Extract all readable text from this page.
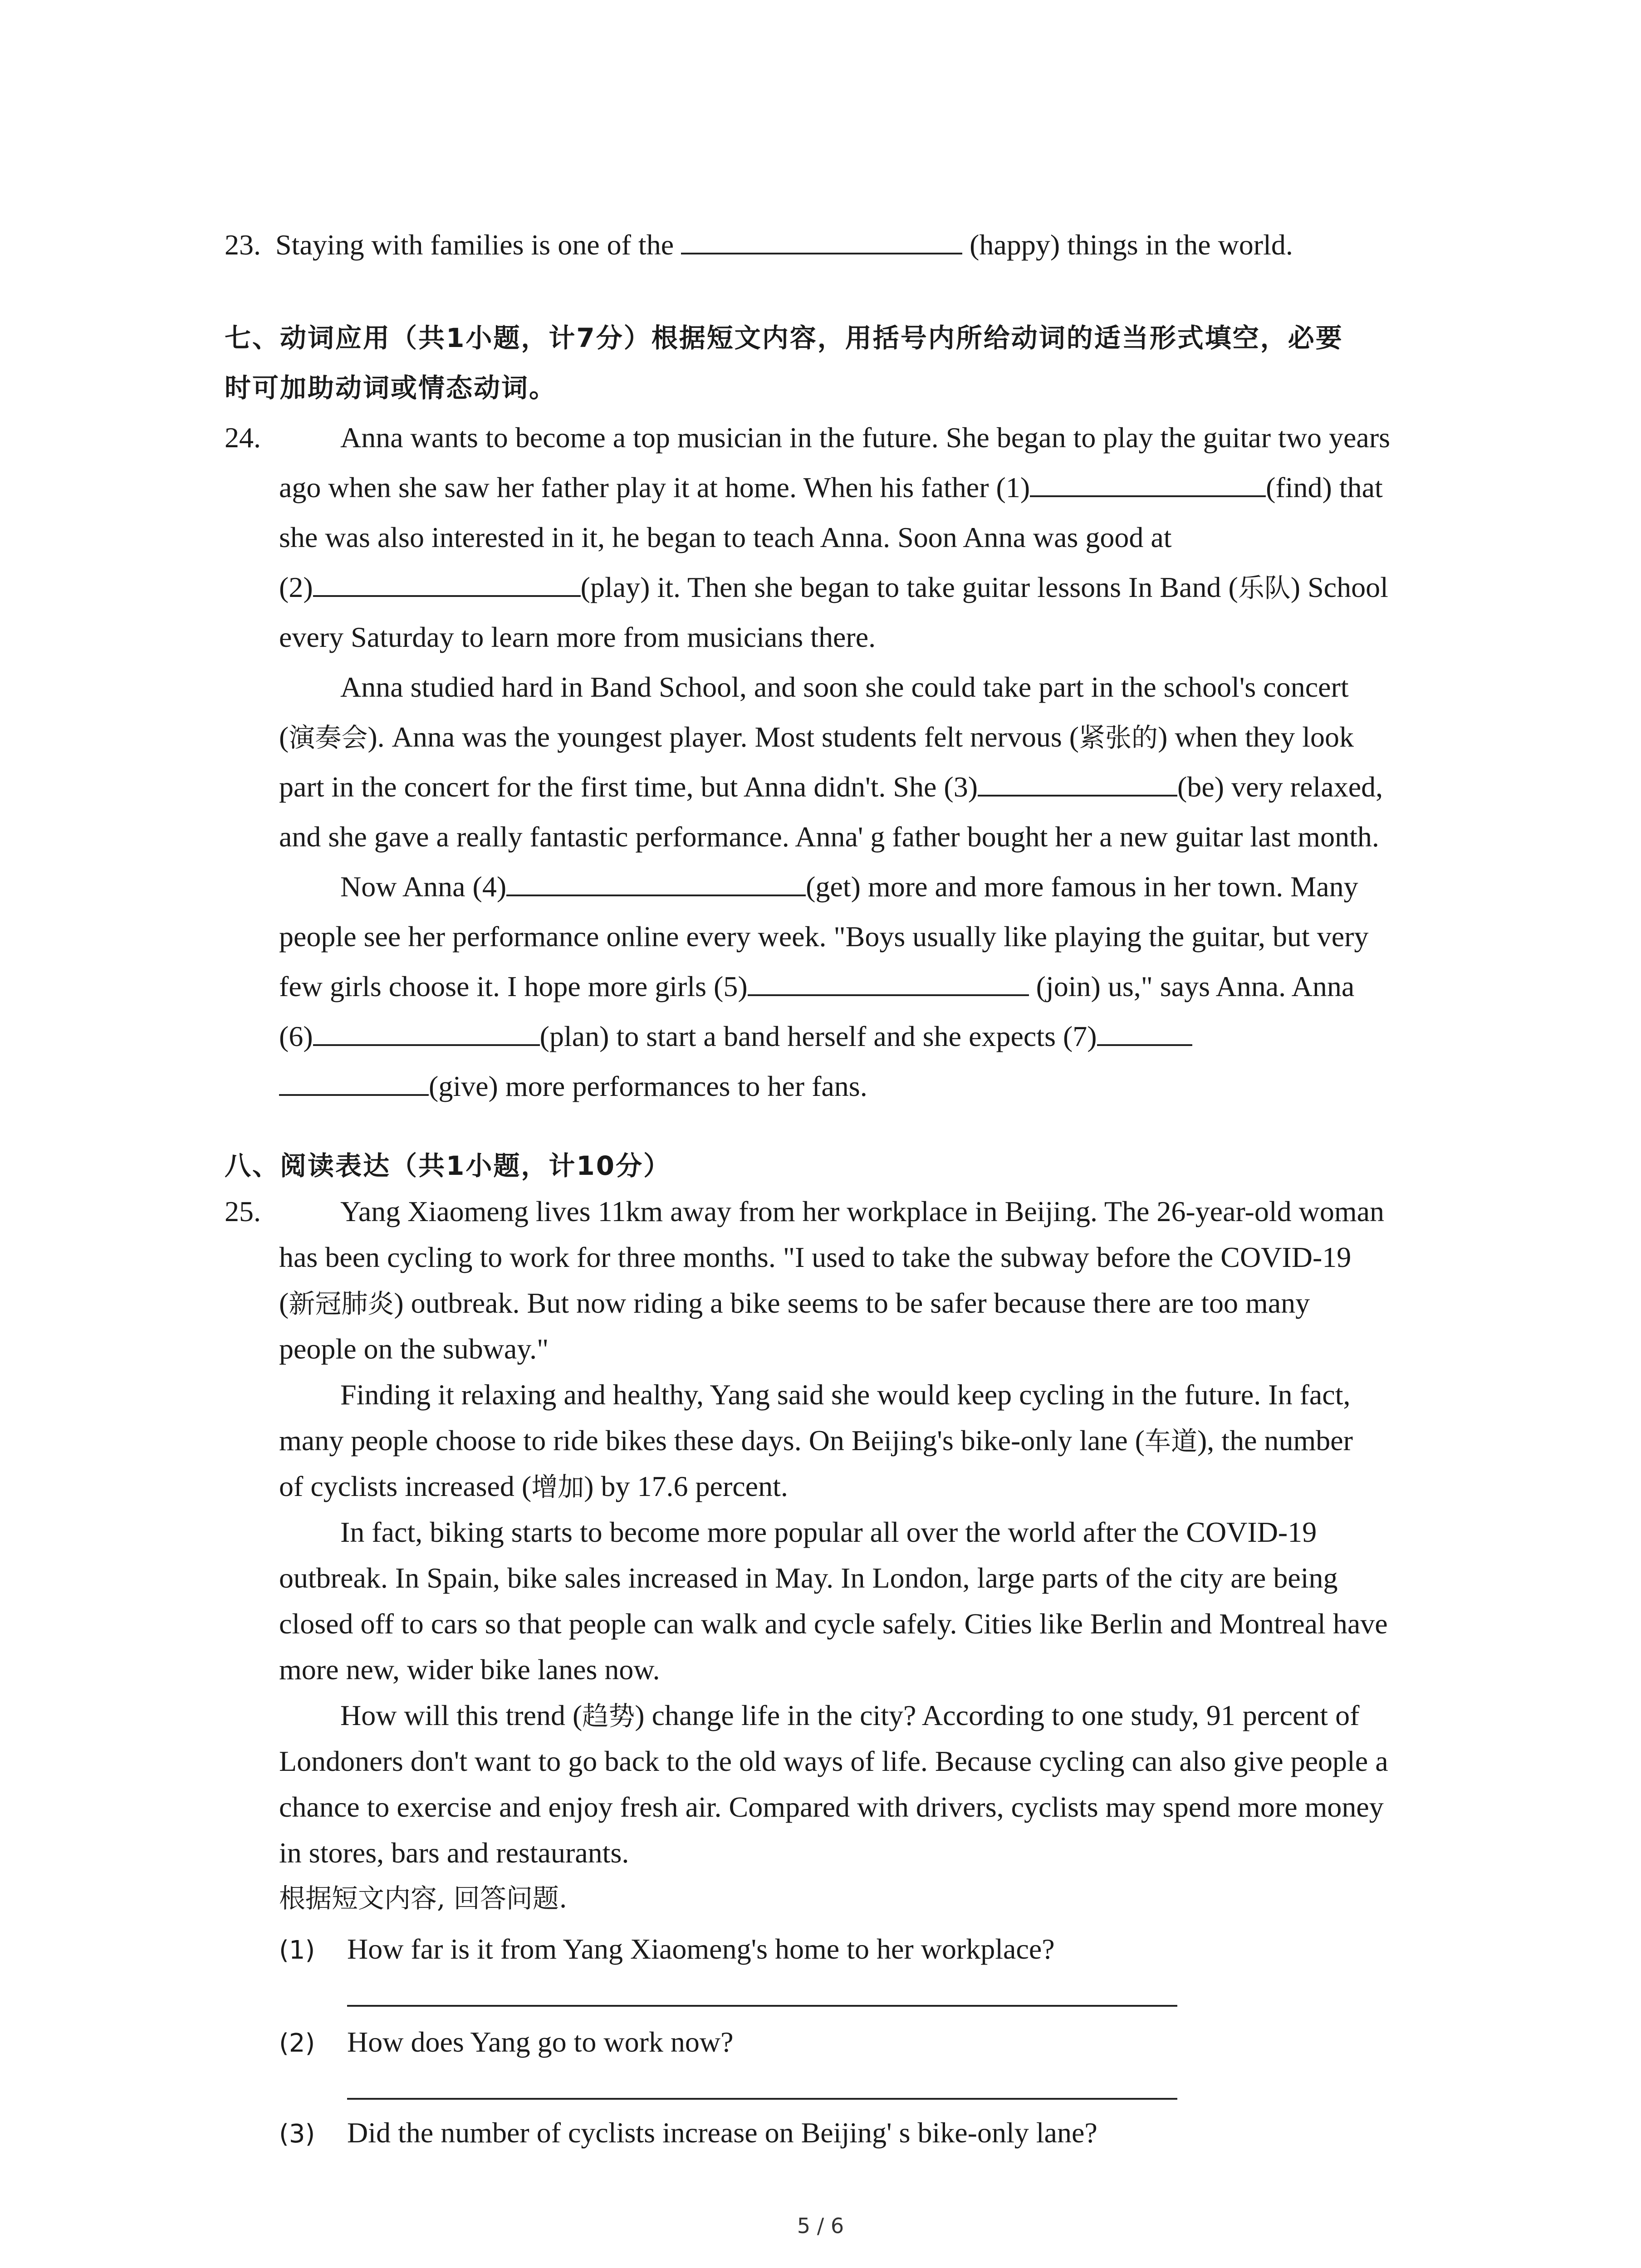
23. Staying with families is one of the	(happy) things in the world.
七、动词应用（共1小题，计7分）根据短文内容，用括号内所给动词的适当形式填空，必要
时可加助动词或情态动词。
24.	Anna wants to become a top musician in the future. She began to play the guitar two years
ago when she saw her father play it at home. When his father (1)	(find) that
she was also interested in it, he began to teach Anna. Soon Anna was good at
(2)	(play) it. Then she began to take guitar lessons In Band (乐队) School
every Saturday to learn more from musicians there.
Anna studied hard in Band School, and soon she could take part in the school's concert
(演奏会). Anna was the youngest player. Most students felt nervous (紧张的) when they look
part in the concert for the first time, but Anna didn't. She (3)	(be) very relaxed,
and she gave a really fantastic performance. Anna' g father bought her a new guitar last month.
Now Anna (4)	(get) more and more famous in her town. Many
people see her performance online every week. "Boys usually like playing the guitar, but very
few girls choose it. I hope more girls (5)	(join) us," says Anna. Anna
(6)	(plan) to start a band herself and she expects (7)
(give) more performances to her fans.
八、阅读表达（共1小题，计10分）
25.	Yang Xiaomeng lives 11km away from her workplace in Beijing. The 26-year-old woman
has been cycling to work for three months. "I used to take the subway before the COVID-19
(新冠肺炎) outbreak. But now riding a bike seems to be safer because there are too many
people on the subway."
Finding it relaxing and healthy, Yang said she would keep cycling in the future. In fact,
many people choose to ride bikes these days. On Beijing's bike-only lane (车道), the number
of cyclists increased (增加) by 17.6 percent.
In fact, biking starts to become more popular all over the world after the COVID-19
outbreak. In Spain, bike sales increased in May. In London, large parts of the city are being
closed off to cars so that people can walk and cycle safely. Cities like Berlin and Montreal have
more new, wider bike lanes now.
How will this trend (趋势) change life in the city? According to one study, 91 percent of
Londoners don't want to go back to the old ways of life. Because cycling can also give people a
chance to exercise and enjoy fresh air. Compared with drivers, cyclists may spend more money
in stores, bars and restaurants.
根据短文内容, 回答问题.
(1) How far is it from Yang Xiaomeng's home to her workplace?
(2) How does Yang go to work now?
(3) Did the number of cyclists increase on Beijing' s bike-only lane?
5 / 6
